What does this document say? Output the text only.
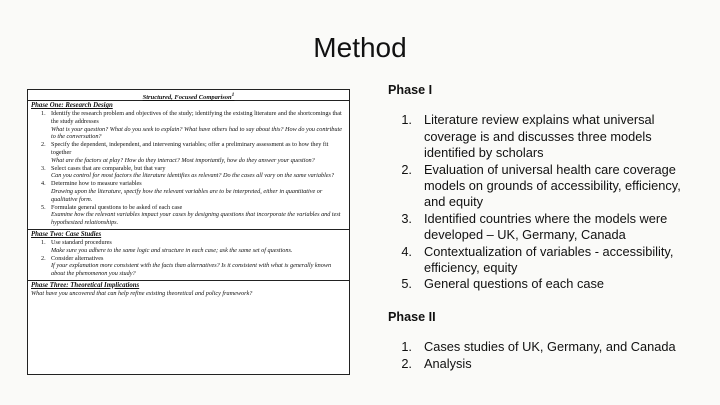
Method
Structured, Focused Comparison$^1$
Phase One: Research Design
1. Identify the research problem and objectives of the study; identifying the existing literature and the shortcomings that the study addresses
What is your question? What do you seek to explain? What have others had to say about this? How do you contribute to the conversation?
2. Specify the dependent, independent, and intervening variables; offer a preliminary assessment as to how they fit together
What are the factors at play? How do they interact? Most importantly, how do they answer your question?
3. Select cases that are comparable, but that vary
Can you control for most factors the literature identifies as relevant? Do the cases all vary on the same variables?
4. Determine how to measure variables
Drawing upon the literature, specify how the relevant variables are to be interpreted, either in quantitative or qualitative form.
5. Formulate general questions to be asked of each case
Examine how the relevant variables impact your cases by designing questions that incorporate the variables and test hypothesized relationships.
Phase Two: Case Studies
1. Use standard procedures
Make sure you adhere to the same logic and structure in each case; ask the same set of questions.
2. Consider alternatives
If your explanation more consistent with the facts than alternatives? Is it consistent with what is generally known about the phenomenon you study?
Phase Three: Theoretical Implications
What have you uncovered that can help refine existing theoretical and policy framework?
Phase I
1. Literature review explains what universal coverage is and discusses three models identified by scholars
2. Evaluation of universal health care coverage models on grounds of accessibility, efficiency, and equity
3. Identified countries where the models were developed – UK, Germany, Canada
4. Contextualization of variables - accessibility, efficiency, equity
5. General questions of each case
Phase II
1. Cases studies of UK, Germany, and Canada
2. Analysis
